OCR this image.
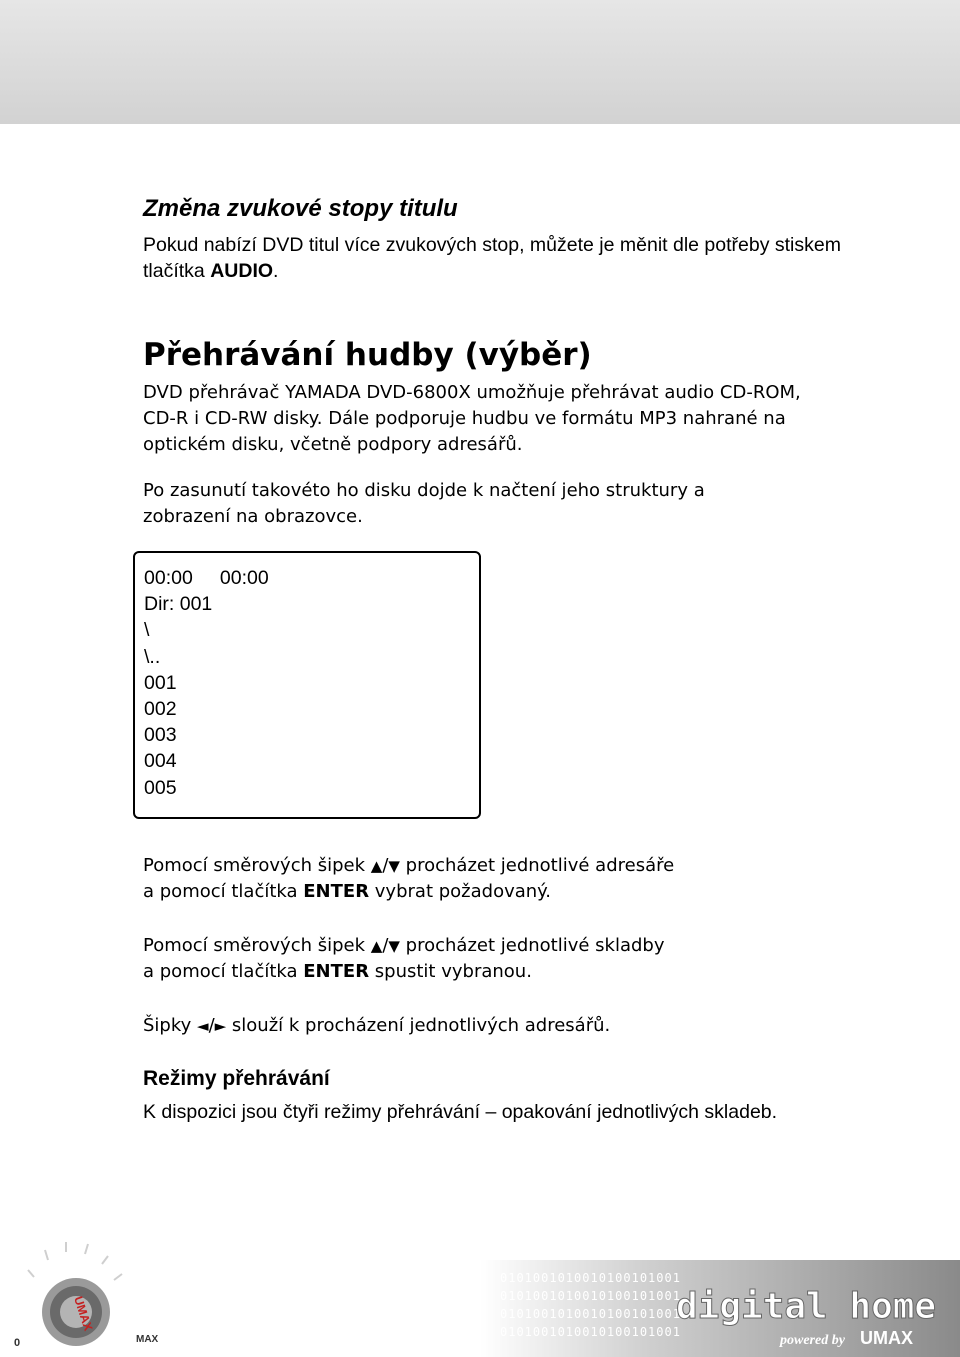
Změna zvukové stopy titulu

Pokud nabízí DVD titul více zvukových stop, můžete je měnit dle potřeby stiskem tlačítka AUDIO.

Přehrávání hudby (výběr)

DVD přehrávač YAMADA DVD-6800X umožňuje přehrávat audio CD-ROM, CD-R i CD-RW disky. Dále podporuje hudbu ve formátu MP3 nahrané na optickém disku, včetně podpory adresářů.

Po zasunutí takovéto ho disku dojde k načtení jeho struktury a zobrazení na obrazovce.

00:00     00:00
Dir: 001
\
\..
001
002
003
004
005

Pomocí směrových šipek ▲/▼ procházet jednotlivé adresáře

a pomocí tlačítka ENTER vybrat požadovaný.

Pomocí směrových šipek ▲/▼ procházet jednotlivé skladby

a pomocí tlačítka ENTER spustit vybranou.

Šipky ◄/► slouží k procházení jednotlivých adresářů.

Režimy přehrávání

K dispozici jsou čtyři režimy přehrávání – opakování jednotlivých skladeb.

UMAX
0	MAX
0101001010010100101001
0101001010010100101001
0101001010010100101001
0101001010010100101001
digital home
powered by UMAX
